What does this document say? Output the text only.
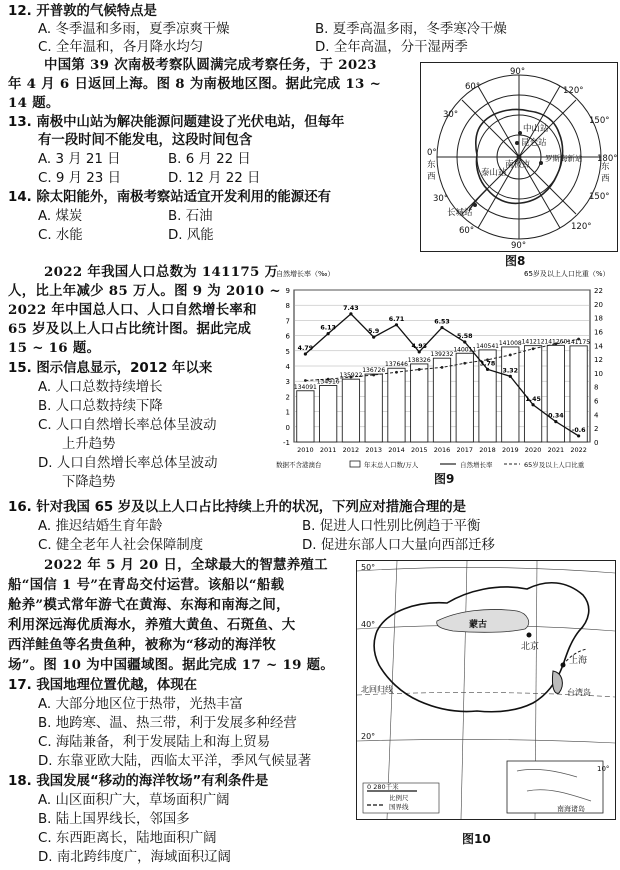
12. 开普敦的气候特点是
A. 冬季温和多雨，夏季凉爽干燥	B. 夏季高温多雨，冬季寒冷干燥
C. 全年温和，各月降水均匀	D. 全年高温，分干湿两季
中国第 39 次南极考察队圆满完成考察任务，于 2023
年 4 月 6 日返回上海。图 8 为南极地区图。据此完成 13 ~
14 题。
13. 南极中山站为解决能源问题建设了光伏电站，但每年
有一段时间不能发电，这段时间包含
A. 3 月 21 日	B. 6 月 22 日
C. 9 月 23 日	D. 12 月 22 日
14. 除太阳能外，南极考察站适宜开发利用的能源还有
A. 煤炭	B. 石油
C. 水能	D. 风能
90°
60°
30°
0°
120°
150°
180°
150°
120°
90°
60°
30°
中山站
昆仑站
南极点
泰山站
罗斯海新站
东
西
东
西
长城站
图8
2022 年我国人口总数为 141175 万
人，比上年减少 85 万人。图 9 为 2010 ~
2022 年中国总人口、人口自然增长率和
65 岁及以上人口占比统计图。据此完成
15 ~ 16 题。
15. 图示信息显示，2012 年以来
A. 人口总数持续增长
B. 人口总数持续下降
C. 人口自然增长率总体呈波动
上升趋势
D. 人口自然增长率总体呈波动
下降趋势
自然增长率（‰）	65岁及以上人口比重（%）
9
8
7
6
5
4
3
2
1
0
-1
22
20
18
16
14
12
10
8
6
4
2
0
134091
2010
134916
2011
135922
2012
136726
2013
137646
2014
138326
2015
139232
2016
140011
2017
140541
2018
141008
2019
141212
2020
141260
2021
141175
2022
4.79
6.13
7.43
5.9
6.71
4.93
6.53
5.58
3.78
3.32
1.45
0.34
-0.6
数据不含港澳台	年末总人口数/万人	自然增长率	65岁及以上人口比重
图9
16. 针对我国 65 岁及以上人口占比持续上升的状况，下列应对措施合理的是
A. 推迟结婚生育年龄	B. 促进人口性别比例趋于平衡
C. 健全老年人社会保障制度	D. 促进东部人口大量向西部迁移
2022 年 5 月 20 日，全球最大的智慧养殖工
船“国信 1 号”在青岛交付运营。该船以“船载
舱养”模式常年游弋在黄海、东海和南海之间，
利用深远海优质海水，养殖大黄鱼、石斑鱼、大
西洋鲑鱼等名贵鱼种，被称为“移动的海洋牧
场”。图 10 为中国疆域图。据此完成 17 ~ 19 题。
17. 我国地理位置优越，体现在
A. 大部分地区位于热带，光热丰富
B. 地跨寒、温、热三带，利于发展多种经营
C. 海陆兼备，利于发展陆上和海上贸易
D. 东靠亚欧大陆，西临太平洋，季风气候显著
18. 我国发展“移动的海洋牧场”有利条件是
A. 山区面积广大，草场面积广阔
B. 陆上国界线长，邻国多
C. 东西距离长，陆地面积广阔
D. 南北跨纬度广，海域面积辽阔
50°
40°	蒙古
北京
上海
北回归线	台湾岛
20°
0 280千米
比例尺
国界线	南海诸岛
10°
图10
